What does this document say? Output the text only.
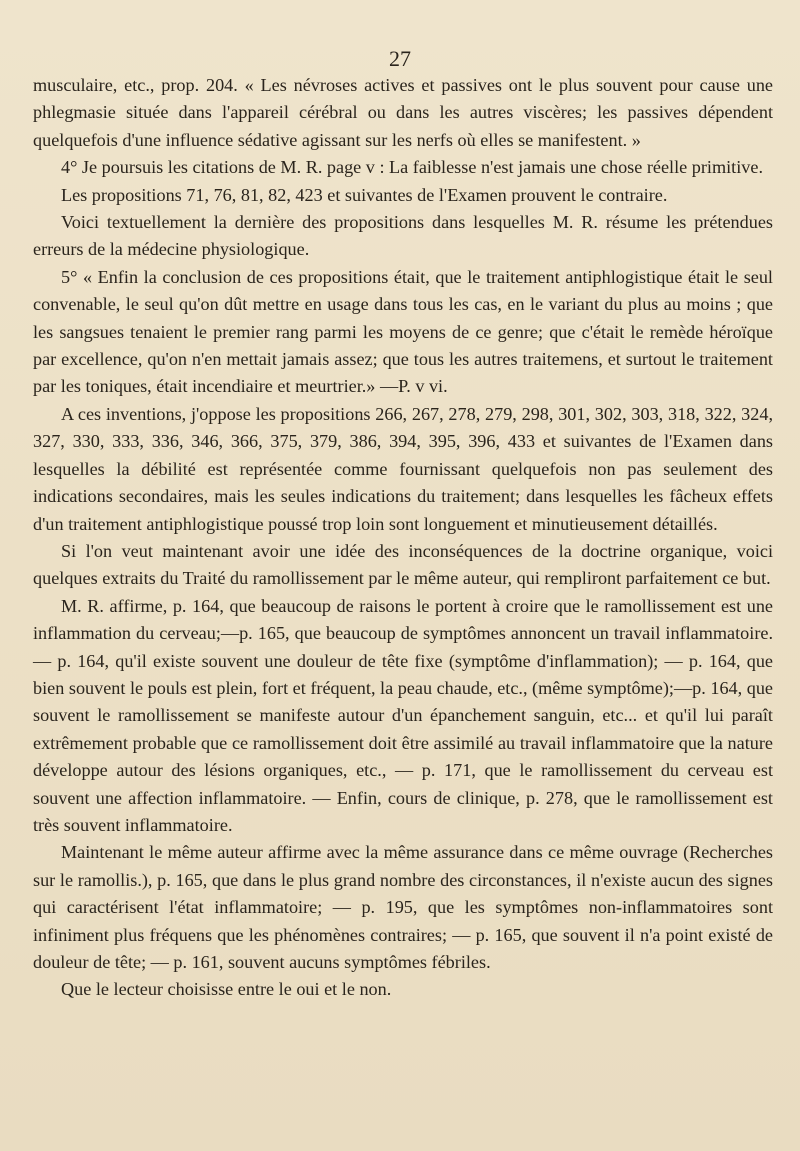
27

musculaire, etc., prop. 204. « Les névroses actives et passives ont le plus souvent pour cause une phlegmasie située dans l'appareil cérébral ou dans les autres viscères; les passives dépendent quelquefois d'une influence sédative agissant sur les nerfs où elles se manifestent. »

4° Je poursuis les citations de M. R. page v : La faiblesse n'est jamais une chose réelle primitive.

Les propositions 71, 76, 81, 82, 423 et suivantes de l'Examen prouvent le contraire.

Voici textuellement la dernière des propositions dans lesquelles M. R. résume les prétendues erreurs de la médecine physiologique.

5° « Enfin la conclusion de ces propositions était, que le traitement antiphlogistique était le seul convenable, le seul qu'on dût mettre en usage dans tous les cas, en le variant du plus au moins ; que les sangsues tenaient le premier rang parmi les moyens de ce genre; que c'était le remède héroïque par excellence, qu'on n'en mettait jamais assez; que tous les autres traitemens, et surtout le traitement par les toniques, était incendiaire et meurtrier.» —P. v vi.

A ces inventions, j'oppose les propositions 266, 267, 278, 279, 298, 301, 302, 303, 318, 322, 324, 327, 330, 333, 336, 346, 366, 375, 379, 386, 394, 395, 396, 433 et suivantes de l'Examen dans lesquelles la débilité est représentée comme fournissant quelquefois non pas seulement des indications secondaires, mais les seules indications du traitement; dans lesquelles les fâcheux effets d'un traitement antiphlogistique poussé trop loin sont longuement et minutieusement détaillés.

Si l'on veut maintenant avoir une idée des inconséquences de la doctrine organique, voici quelques extraits du Traité du ramollissement par le même auteur, qui rempliront parfaitement ce but.

M. R. affirme, p. 164, que beaucoup de raisons le portent à croire que le ramollissement est une inflammation du cerveau;—p. 165, que beaucoup de symptômes annoncent un travail inflammatoire. — p. 164, qu'il existe souvent une douleur de tête fixe (symptôme d'inflammation); — p. 164, que bien souvent le pouls est plein, fort et fréquent, la peau chaude, etc., (même symptôme);—p. 164, que souvent le ramollissement se manifeste autour d'un épanchement sanguin, etc... et qu'il lui paraît extrêmement probable que ce ramollissement doit être assimilé au travail inflammatoire que la nature développe autour des lésions organiques, etc., — p. 171, que le ramollissement du cerveau est souvent une affection inflammatoire. — Enfin, cours de clinique, p. 278, que le ramollissement est très souvent inflammatoire.

Maintenant le même auteur affirme avec la même assurance dans ce même ouvrage (Recherches sur le ramollis.), p. 165, que dans le plus grand nombre des circonstances, il n'existe aucun des signes qui caractérisent l'état inflammatoire; — p. 195, que les symptômes non-inflammatoires sont infiniment plus fréquens que les phénomènes contraires; — p. 165, que souvent il n'a point existé de douleur de tête; — p. 161, souvent aucuns symptômes fébriles.

Que le lecteur choisisse entre le oui et le non.
